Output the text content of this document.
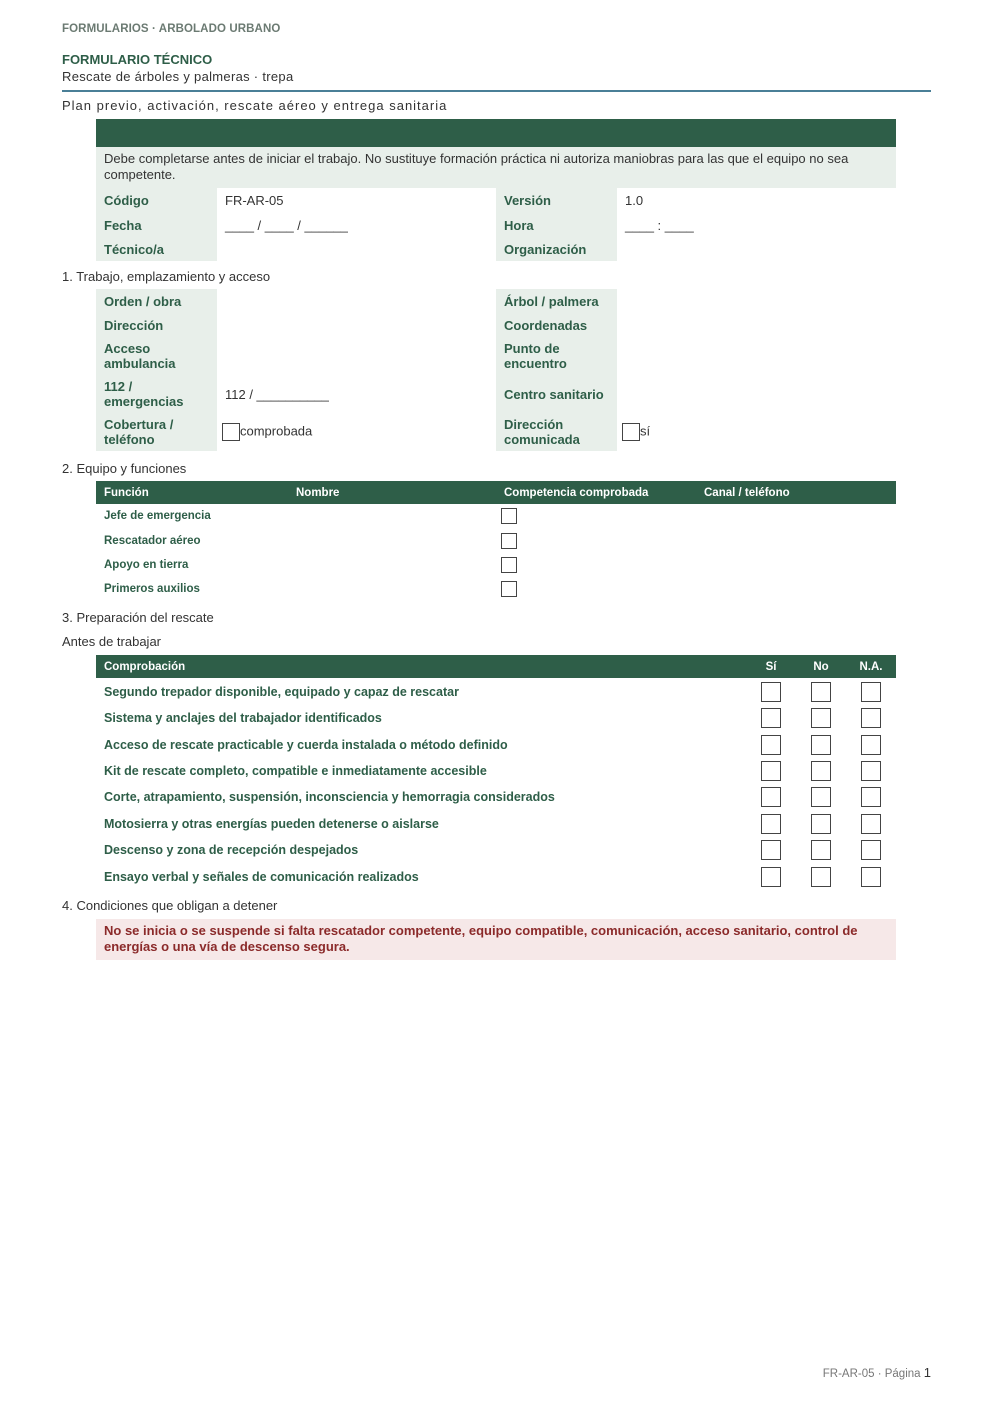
FORMULARIOS · ARBOLADO URBANO
FORMULARIO TÉCNICO
Rescate de árboles y palmeras · trepa
Plan previo, activación, rescate aéreo y entrega sanitaria
Debe completarse antes de iniciar el trabajo. No sustituye formación práctica ni autoriza maniobras para las que el equipo no sea competente.
Código	FR-AR-05	Versión	1.0
Fecha	____ / ____ / ______	Hora	____ : ____
Técnico/a		Organización	
1. Trabajo, emplazamiento y acceso
Orden / obra		Árbol / palmera	
Dirección		Coordenadas	
Acceso ambulancia		Punto de encuentro	
112 / emergencias	112 / __________	Centro sanitario	
Cobertura / teléfono	comprobada	Dirección comunicada	sí
2. Equipo y funciones
Función	Nombre	Competencia comprobada	Canal / teléfono
Jefe de emergencia			
Rescatador aéreo			
Apoyo en tierra			
Primeros auxilios			
3. Preparación del rescate
Antes de trabajar
Comprobación	Sí	No	N.A.
Segundo trepador disponible, equipado y capaz de rescatar			
Sistema y anclajes del trabajador identificados			
Acceso de rescate practicable y cuerda instalada o método definido			
Kit de rescate completo, compatible e inmediatamente accesible			
Corte, atrapamiento, suspensión, inconsciencia y hemorragia considerados			
Motosierra y otras energías pueden detenerse o aislarse			
Descenso y zona de recepción despejados			
Ensayo verbal y señales de comunicación realizados			
4. Condiciones que obligan a detener
No se inicia o se suspende si falta rescatador competente, equipo compatible, comunicación, acceso sanitario, control de energías o una vía de descenso segura.
FR-AR-05 · Página 1
